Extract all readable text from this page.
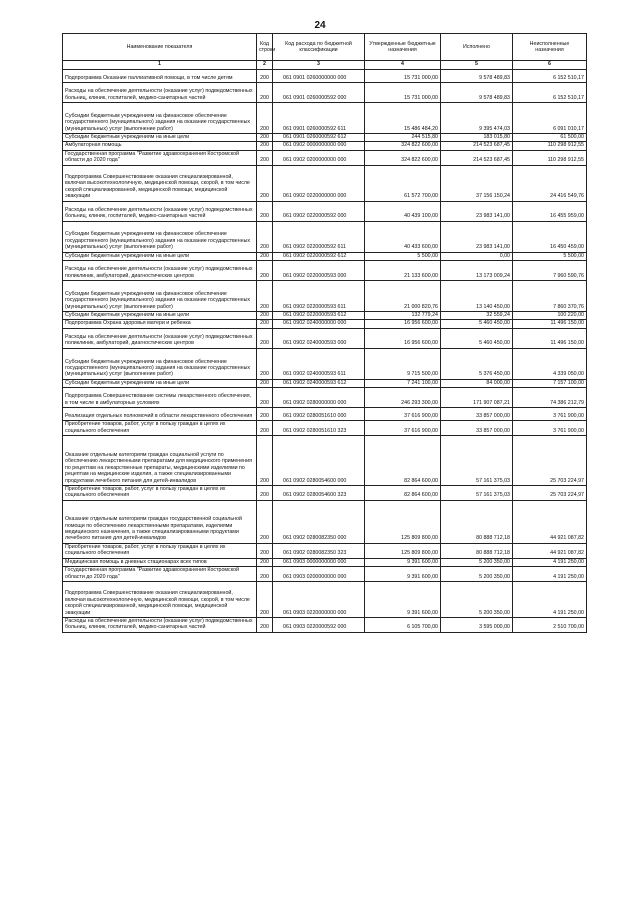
24
Наименование показателя	Код строки	Код расхода по бюджетной классификации	Утвержденные бюджетные назначения	Исполнено	Неисполненные назначения
1	2	3	4	5	6
Подпрограмма Оказание паллиативной помощи, в том числе детям	200	061 0901 0260000000 000	15 731 000,00	9 578 489,83	6 152 510,17
Расходы на обеспечение деятельности (оказание услуг) подведомственных больниц, клиник, госпиталей, медико-санитарных частей	200	061 0901 0260000592 000	15 731 000,00	9 578 489,83	6 152 510,17
Субсидии бюджетным учреждениям на финансовое обеспечение государственного (муниципального) задания на оказание государственных (муниципальных) услуг (выполнение работ)	200	061 0901 0260000592 611	15 486 484,20	9 395 474,03	6 091 010,17
Субсидии бюджетным учреждениям на иные цели	200	061 0901 0260000592 612	244 515,80	183 015,80	61 500,00
Амбулаторная помощь	200	061 0902 0000000000 000	324 822 600,00	214 523 687,45	110 298 912,55
Государственная программа "Развитие здравоохранения Костромской области до 2020 года"	200	061 0902 0200000000 000	324 822 600,00	214 523 687,45	110 298 912,55
Подпрограмма Совершенствование оказания специализированной, включая высокотехнологичную, медицинской помощи, скорой, в том числе скорой специализированной, медицинской помощи, медицинской эвакуации	200	061 0902 0220000000 000	61 572 700,00	37 156 150,24	24 416 549,76
Расходы на обеспечение деятельности (оказание услуг) подведомственных больниц, клиник, госпиталей, медико-санитарных частей	200	061 0902 0220000592 000	40 439 100,00	23 983 141,00	16 455 959,00
Субсидии бюджетным учреждениям на финансовое обеспечение государственного (муниципального) задания на оказание государственных (муниципальных) услуг (выполнение работ)	200	061 0902 0220000592 611	40 433 600,00	23 983 141,00	16 450 459,00
Субсидии бюджетным учреждениям на иные цели	200	061 0902 0220000592 612	5 500,00	0,00	5 500,00
Расходы на обеспечение деятельности (оказание услуг) подведомственных поликлиник, амбулаторий, диагностических центров	200	061 0902 0220000593 000	21 133 600,00	13 173 009,24	7 960 590,76
Субсидии бюджетным учреждениям на финансовое обеспечение государственного (муниципального) задания на оказание государственных (муниципальных) услуг (выполнение работ)	200	061 0902 0220000593 611	21 000 820,76	13 140 450,00	7 860 370,76
Субсидии бюджетным учреждениям на иные цели	200	061 0902 0220000593 612	132 779,24	32 559,24	100 220,00
Подпрограмма Охрана здоровья матери и ребенка	200	061 0902 0240000000 000	16 956 600,00	5 460 450,00	11 496 150,00
Расходы на обеспечение деятельности (оказание услуг) подведомственных поликлиник, амбулаторий, диагностических центров	200	061 0902 0240000593 000	16 956 600,00	5 460 450,00	11 496 150,00
Субсидии бюджетным учреждениям на финансовое обеспечение государственного (муниципального) задания на оказание государственных (муниципальных) услуг (выполнение работ)	200	061 0902 0240000593 611	9 715 500,00	5 376 450,00	4 339 050,00
Субсидии бюджетным учреждениям на иные цели	200	061 0902 0240000593 612	7 241 100,00	84 000,00	7 157 100,00
Подпрограмма Совершенствование системы лекарственного обеспечения, в том числе в амбулаторных условиях	200	061 0902 0280000000 000	246 293 300,00	171 907 087,21	74 386 212,79
Реализация отдельных полномочий в области лекарственного обеспечения	200	061 0902 0280051610 000	37 616 900,00	33 857 000,00	3 761 900,00
Приобретение товаров, работ, услуг в пользу граждан в целях их социального обеспечения	200	061 0902 0280051610 323	37 616 900,00	33 857 000,00	3 761 900,00
Оказание отдельным категориям граждан социальной услуги по обеспечению лекарственными препаратами для медицинского применения по рецептам на лекарственные препараты, медицинскими изделиями по рецептам на медицинские изделия, а также специализированными продуктами лечебного питания для детей-инвалидов	200	061 0902 0280054600 000	82 864 600,00	57 161 375,03	25 703 224,97
Приобретение товаров, работ, услуг в пользу граждан в целях их социального обеспечения	200	061 0902 0280054600 323	82 864 600,00	57 161 375,03	25 703 224,97
Оказание отдельным категориям граждан государственной социальной помощи по обеспечению лекарственными препаратами, изделиями медицинского назначения, а также специализированными продуктами лечебного питания для детей-инвалидов	200	061 0902 0280082350 000	125 809 800,00	80 888 712,18	44 921 087,82
Приобретение товаров, работ, услуг в пользу граждан в целях их социального обеспечения	200	061 0902 0280082350 323	125 809 800,00	80 888 712,18	44 921 087,82
Медицинская помощь в дневных стационарах всех типов	200	061 0903 0000000000 000	9 391 600,00	5 200 350,00	4 191 250,00
Государственная программа "Развитие здравоохранения Костромской области до 2020 года"	200	061 0903 0200000000 000	9 391 600,00	5 200 350,00	4 191 250,00
Подпрограмма Совершенствование оказания специализированной, включая высокотехнологичную, медицинской помощи, скорой, в том числе скорой специализированной, медицинской помощи, медицинской эвакуации	200	061 0903 0220000000 000	9 391 600,00	5 200 350,00	4 191 250,00
Расходы на обеспечение деятельности (оказание услуг) подведомственных больниц, клиник, госпиталей, медико-санитарных частей	200	061 0903 0220000592 000	6 105 700,00	3 595 000,00	2 510 700,00
